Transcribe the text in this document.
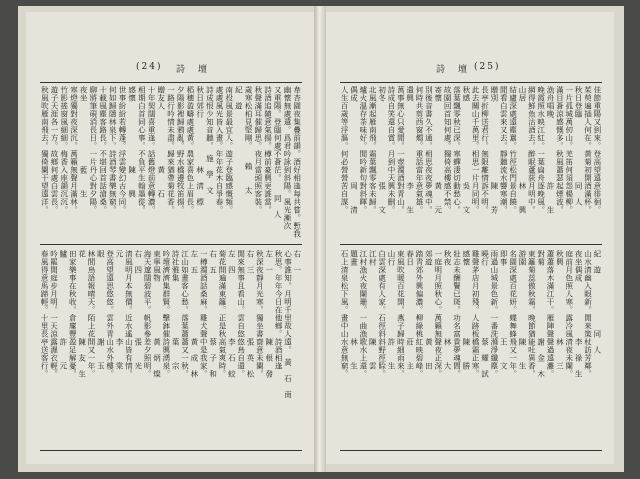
(24) 詩　壇
韋杏園夜集疊前韻。酒好相逢每共嘗。慙我
幽懷無處遣。爲君吟詠到斜陽。風光漸次
又重陽。登臨何處不蒼茫。　　同　人
詩酒追隨意氣揚。樽前豪興更誰當。
秋聲滿耳催歸思。夜月當頭照客裝。
歲寒松柏見堅剛。　　賴　　太
紀　遊
南投風景最宜人。遊子登臨感慨頻。
處處風光皆入畫。年年花木自爭春。
詩成恨少知音聽。　施　學　文
秋日郊行　　　　　　林　淸　標
稻穗盈疇處處黃。農家喜色上眉長。
夕陽影裡歸鴉亂。野水橋邊牧笛揚。
一路行吟情未盡。歸來猶帶菊花香。
贈友人　　　　　　　黃　　石
十年契闊喜重逢。話舊燈前意轉濃。
相期白首同心事。不負平生翰墨從。
感懷　　　　　　　　陳　　興
世事紛紛若轉蓬。浮雲變幻古今同。
何如歸隱林泉下。詩酒琴書樂無窮。
十載風塵客路長。不堪回首話滄桑。
聊將筆硯消長日。一片丹心對夕陽。
夜坐　　　　　　　　藍　　生
寒燈獨對夜深沉。萬籟無聲月滿林。
竹影搖窗風細細。梅香入座韻沉沉。
遊子天涯各一方。故鄉何處白雲長。
秋風吹雁南飛去。獨倚闌干望遠洋。
右　一
心事誰知。月明千里故人遠。　黃　石　南
秋思。年年今日在他鄉。詩酒相逢
左　一　　　　　　　　陳　根　發
秋深夜靜月光寒。獨坐書齋意未闌。
右　三　　　　　　　　張　英　松
閒來無事且看山。雲自悠悠鳥自還。
左　四　　　　　　　　李　石　蛟
菊花開遍滿東籬。正是秋高氣爽時。
右　五　　　　　　　　蔡　子　和
一樽濁酒話桑麻。雞犬聲中是我家。
左　五　　　　　　　　黃　成　林
江山如畫客心愁。落葉蕭蕭又一秋。
詩社雅集　　　　　　　葉　　宗
吟壇濟濟集群賢。擊鉢催詩興湧泉。
東寧風物　　　　　　　黃　炳　燦
海天遼闊碧波平。帆影參差夕照明。
右　四　　　　　　　　張　　光
清風明月本無價。近水遙山皆有情。
元　　　　　　　　　　李　　棠
登高望遠思悠悠。雲外青山水外樓。
眼　　　　　　　　　　謝　　玉
林間鳥語報晴天。陌上花開又一年。
花　　　　　　　　　　陳　友　生
田家樂事在秋收。倉廩豐盈足解憂。
臚　　　　　　　　　　許　　元
吟罷閒庭步月明。一天涼露濕衣輕。
春風得意馬蹄輕。十里長亭送客行。
(25)
詩　壇
佳節重陽又到來。登高望遠意徘徊。
茱萸遍插人何在。黃菊初開酒滿杯。
秋日登臨　　　　　　　　同　人
一片孤城萬仞山。羌笛何須怨楊柳。
滿目蒼涼感慨多。秋風蕭瑟起煙波。
漁舟唱晚　　　　　　　　許　　生
晚霞照水映江紅。一葉扁舟逐晚風。
網得鮮魚沽酒去。醉眠蘆荻月明中。
山居　　　　　　　　　　林　　興
結廬深處遠塵囂。竹徑松門景自饒。
閒看白雲來又去。靜聽流水響寒潮。
贈別　　　　　　　　　　陳　　芳
長亭折柳送君行。無限離情訴不明。
此去關山千萬里。相思一片月同明。
秋感　　　　　　　　　　吳　　文
落葉飄零秋已深。寒蟬淒切動愁心。
故園回首知何處。獨倚高樓感不禁。
寄懷　　　　　　　　　　黃　　元
別後音書久不通。相思夜夜夢魂中。
何時共剪西窗燭。重話當年意氣雄。
遣興　　　　　　　　　　李　　生
萬事無心只愛閒。一壺濁酒對青山。
詩成自笑還自賞。月到中天興未刪。
初冬　　　　　　　　　　張　　文
北風漸起雁南飛。霜葉飄零客未歸。
爐火溫存茶味好。閒吟新句對斜暉。
偶成　　　　　　　　　　周　　清
人生百歲等浮漚。何必營營苦自謀。
紀　遊　　　　　　　同　人
山水清幽入眼新。閒來策杖訪芳鄰。
夜坐偶成　　　　　　　李　祿　生
庭前月色照人寒。露冷風清夜未闌。
秋興　　　　　　　　　林　　三
蕭蕭落木滿江干。雁陣聲聲過遠灘。
對菊　　　　　　　　　謝　金　木
東籬菊蕊傲秋霜。晚節猶能吐異香。
游園　　　　　　　　　陳　　生
名園深處百花妍。蝶舞蜂飛又一年。
即事　　　　　　　　　王　　文
雨過山城景色新。一番洗滌淨纖塵。
曉行　　　　　　　　　蔡　耀　試
雞聲茅店月初殘。人跡板橋霜正寒。
感懷　　　　　　　　　陳　　勝
壯志未酬鬢已斑。功名富貴夢魂間。
秋夜　　　　　　　　　林　　大
一庭明月照秋心。萬籟無聲夜正深。
郊遊　　　　　　　　　黃　　田
踏青郊外興偏濃。柳綠桃紅映碧峰。
春日　　　　　　　　　莊　　主
東風吹暖百花開。燕子歸時細雨來。
山行　　　　　　　　　許　　生
白雲深處有人家。石徑斜斜野徑賒。
江村　　　　　　　　　陳　　雲
江村漁火夜闌珊。一曲漁歌水上還。
題畫　　　　　　　　　林　　生
石上清泉松下風。畫中山水意無窮。
